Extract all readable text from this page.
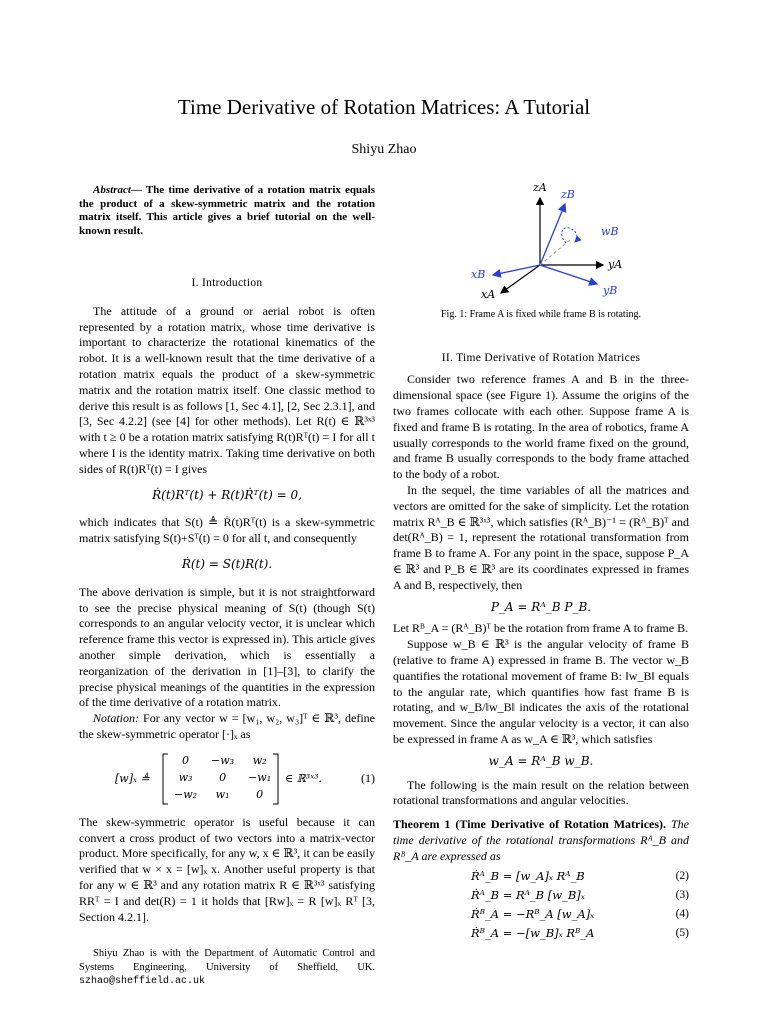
Time Derivative of Rotation Matrices: A Tutorial
Shiyu Zhao

Abstract— The time derivative of a rotation matrix equals the product of a skew-symmetric matrix and the rotation matrix itself. This article gives a brief tutorial on the well-known result.

I. Introduction

The attitude of a ground or aerial robot is often represented by a rotation matrix, whose time derivative is important to characterize the rotational kinematics of the robot. It is a well-known result that the time derivative of a rotation matrix equals the product of a skew-symmetric matrix and the rotation matrix itself. One classic method to derive this result is as follows [1, Sec 4.1], [2, Sec 2.3.1], and [3, Sec 4.2.2] (see [4] for other methods). Let R(t) ∈ ℝ³ˣ³ with t ≥ 0 be a rotation matrix satisfying R(t)Rᵀ(t) = I for all t where I is the identity matrix. Taking time derivative on both sides of R(t)Rᵀ(t) = I gives

Ṙ(t)Rᵀ(t) + R(t)Ṙᵀ(t) = 0,

which indicates that S(t) ≜ Ṙ(t)Rᵀ(t) is a skew-symmetric matrix satisfying S(t)+Sᵀ(t) = 0 for all t, and consequently

Ṙ(t) = S(t)R(t).

The above derivation is simple, but it is not straightforward to see the precise physical meaning of S(t) (though S(t) corresponds to an angular velocity vector, it is unclear which reference frame this vector is expressed in). This article gives another simple derivation, which is essentially a reorganization of the derivation in [1]–[3], to clarify the precise physical meanings of the quantities in the expression of the time derivative of a rotation matrix.

Notation: For any vector w = [w₁, w₂, w₃]ᵀ ∈ ℝ³, define the skew-symmetric operator [·]ₓ as

[w]ₓ ≜
0	−w₃	w₂
w₃	0	−w₁
−w₂	w₁	0
∈ ℝ³ˣ³.	(1)

The skew-symmetric operator is useful because it can convert a cross product of two vectors into a matrix-vector product. More specifically, for any w, x ∈ ℝ³, it can be easily verified that w × x = [w]ₓ x. Another useful property is that for any w ∈ ℝ³ and any rotation matrix R ∈ ℝ³ˣ³ satisfying RRᵀ = I and det(R) = 1 it holds that [Rw]ₓ = R [w]ₓ Rᵀ [3, Section 4.2.1].

Shiyu Zhao is with the Department of Automatic Control and Systems Engineering, University of Sheffield, UK. szhao@sheffield.ac.uk

zA
zB
wB
yA
xB
yB
xA
Fig. 1: Frame A is fixed while frame B is rotating.
II. Time Derivative of Rotation Matrices

Consider two reference frames A and B in the three-dimensional space (see Figure 1). Assume the origins of the two frames collocate with each other. Suppose frame A is fixed and frame B is rotating. In the area of robotics, frame A usually corresponds to the world frame fixed on the ground, and frame B usually corresponds to the body frame attached to the body of a robot.

In the sequel, the time variables of all the matrices and vectors are omitted for the sake of simplicity. Let the rotation matrix Rᴬ_B ∈ ℝ³ˣ³, which satisfies (Rᴬ_B)⁻¹ = (Rᴬ_B)ᵀ and det(Rᴬ_B) = 1, represent the rotational transformation from frame B to frame A. For any point in the space, suppose P_A ∈ ℝ³ and P_B ∈ ℝ³ are its coordinates expressed in frames A and B, respectively, then

P_A = Rᴬ_B P_B.

Let Rᴮ_A = (Rᴬ_B)ᵀ be the rotation from frame A to frame B.

Suppose w_B ∈ ℝ³ is the angular velocity of frame B (relative to frame A) expressed in frame B. The vector w_B quantifies the rotational movement of frame B: ‖w_B‖ equals to the angular rate, which quantifies how fast frame B is rotating, and w_B/‖w_B‖ indicates the axis of the rotational movement. Since the angular velocity is a vector, it can also be expressed in frame A as w_A ∈ ℝ³, which satisfies

w_A = Rᴬ_B w_B.

The following is the main result on the relation between rotational transformations and angular velocities.

Theorem 1 (Time Derivative of Rotation Matrices). The time derivative of the rotational transformations Rᴬ_B and Rᴮ_A are expressed as

Ṙᴬ_B = [w_A]ₓ Rᴬ_B	(2)
Ṙᴬ_B = Rᴬ_B [w_B]ₓ	(3)
Ṙᴮ_A = −Rᴮ_A [w_A]ₓ	(4)
Ṙᴮ_A = −[w_B]ₓ Rᴮ_A	(5)
